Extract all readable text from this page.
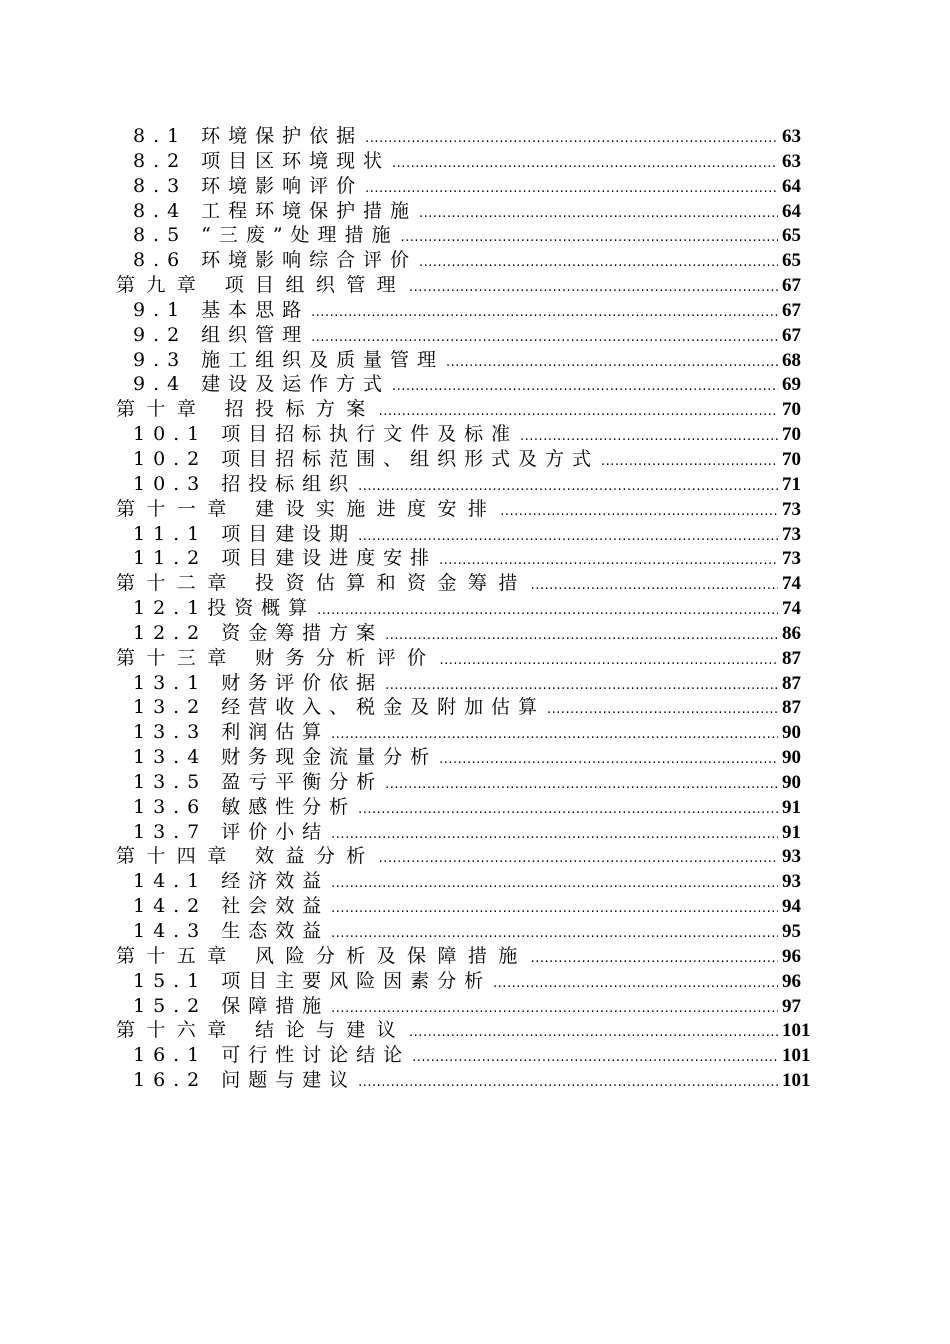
8.1 环境保护依据 .....	63
8.2 项目区环境现状 .....	63
8.3 环境影响评价 .....	64
8.4 工程环境保护措施 .....	64
8.5 “三废”处理措施 .....	65
8.6 环境影响综合评价 .....	65
第九章 项目组织管理 .....	67
9.1 基本思路 .....	67
9.2 组织管理 .....	67
9.3 施工组织及质量管理 .....	68
9.4 建设及运作方式 .....	69
第十章 招投标方案 .....	70
10.1 项目招标执行文件及标准 .....	70
10.2 项目招标范围、组织形式及方式 .....	70
10.3 招投标组织 .....	71
第十一章 建设实施进度安排 .....	73
11.1 项目建设期 .....	73
11.2 项目建设进度安排 .....	73
第十二章 投资估算和资金筹措 .....	74
12.1投资概算 .....	74
12.2 资金筹措方案 .....	86
第十三章 财务分析评价 .....	87
13.1 财务评价依据 .....	87
13.2 经营收入、税金及附加估算 .....	87
13.3 利润估算 .....	90
13.4 财务现金流量分析 .....	90
13.5 盈亏平衡分析 .....	90
13.6 敏感性分析 .....	91
13.7 评价小结 .....	91
第十四章 效益分析 .....	93
14.1 经济效益 .....	93
14.2 社会效益 .....	94
14.3 生态效益 .....	95
第十五章 风险分析及保障措施 .....	96
15.1 项目主要风险因素分析 .....	96
15.2 保障措施 .....	97
第十六章 结论与建议 .....	101
16.1 可行性讨论结论 .....	101
16.2 问题与建议 .....	101
